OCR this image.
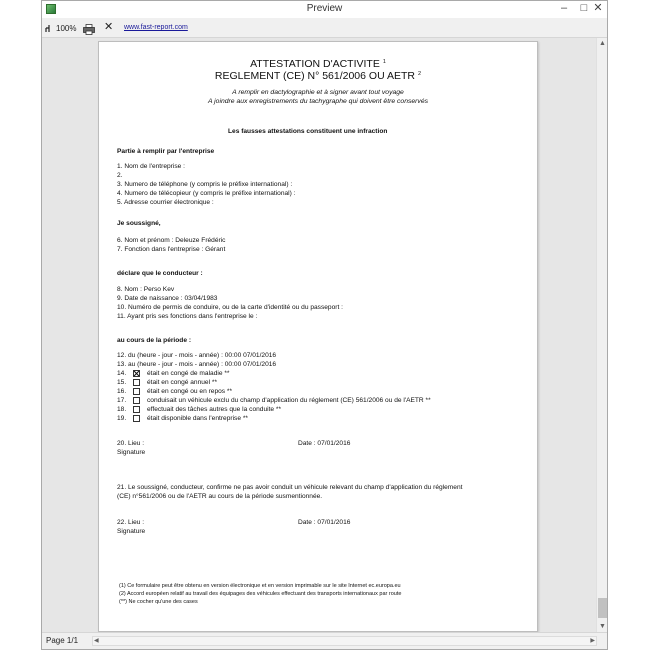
Preview	–	□ ✕
100%	✕ www.fast-report.com
ATTESTATION D'ACTIVITE $^1$
REGLEMENT (CE) N° 561/2006 OU AETR $^2$
A remplir en dactylographie et à signer avant tout voyage
A joindre aux enregistrements du tachygraphe qui doivent être conservés
Les fausses attestations constituent une infraction
Partie à remplir par l'entreprise
1. Nom de l'entreprise :
2.
3. Numero de téléphone (y compris le préfixe international) :
4. Numero de télécopieur (y compris le préfixe international) :
5. Adresse courrier électronique :
Je soussigné,
6. Nom et prénom : Deleuze Frédéric
7. Fonction dans l'entreprise : Gérant
déclare que le conducteur :
8. Nom : Perso Kev
9. Date de naissance : 03/04/1983
10. Numéro de permis de conduire, ou de la carte d'identité ou du passeport :
11. Ayant pris ses fonctions dans l'entreprise le :
au cours de la période :
12. du (heure - jour - mois - année) : 00:00 07/01/2016
13. au (heure - jour - mois - année) : 00:00 07/01/2016
14.	était en congé de maladie **
15.	était en congé annuel **
16.	était en congé ou en repos **
17.	conduisait un véhicule exclu du champ d'application du réglement (CE) 561/2006 ou de l'AETR **
18.	effectuait des tâches autres que la conduite **
19.	était disponible dans l'entreprise **
20. Lieu :	Date : 07/01/2016
Signature
21. Le soussigné, conducteur, confirme ne pas avoir conduit un véhicule relevant du champ d'application du réglement
(CE) n°561/2006 ou de l'AETR au cours de la période susmentionnée.
22. Lieu :	Date : 07/01/2016
Signature
(1) Ce formulaire peut être obtenu en version électronique et en version imprimable sur le site Internet ec.europa.eu
(2) Accord européen relatif au travail des équipages des véhicules effectuant des transports internationaux par route
(**) Ne cocher qu'une des cases
▲
▼
Page 1/1	◀	▶
